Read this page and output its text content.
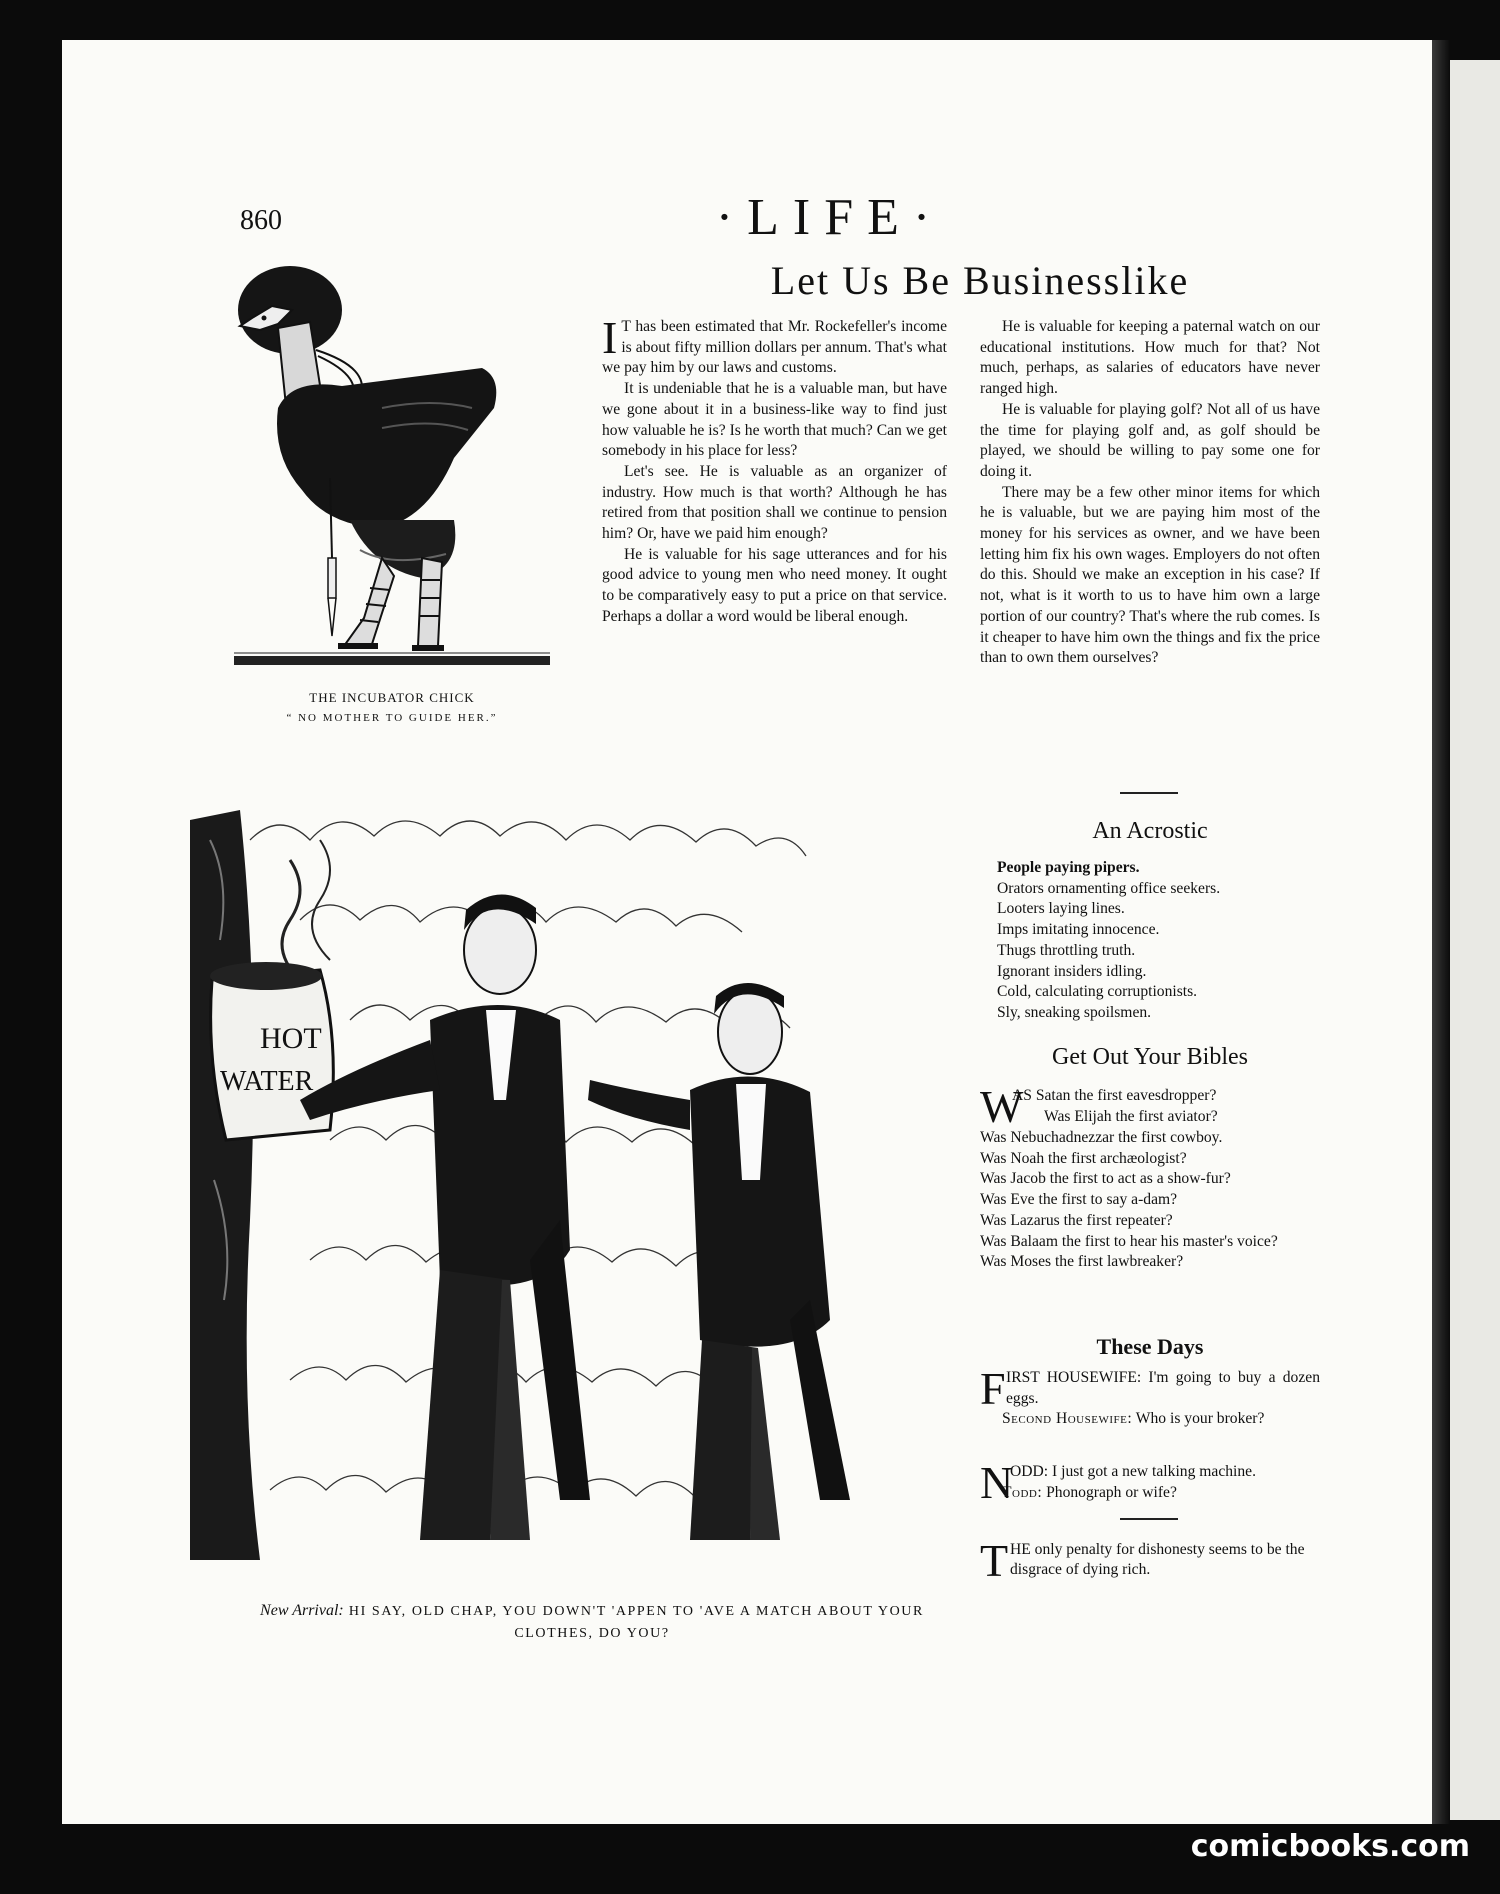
860	·LIFE·
Let Us Be Businesslike
THE INCUBATOR CHICK
“ NO MOTHER TO GUIDE HER.”

I T has been estimated that Mr. Rockefeller's income is about fifty million dollars per annum. That's what we pay him by our laws and customs.

It is undeniable that he is a valuable man, but have we gone about it in a business-like way to find just how valuable he is? Is he worth that much? Can we get somebody in his place for less?

Let's see. He is valuable as an organizer of industry. How much is that worth? Although he has retired from that position shall we continue to pension him? Or, have we paid him enough?

He is valuable for his sage utterances and for his good advice to young men who need money. It ought to be comparatively easy to put a price on that service. Perhaps a dollar a word would be liberal enough.

He is valuable for keeping a paternal watch on our educational institutions. How much for that? Not much, perhaps, as salaries of educators have never ranged high.

He is valuable for playing golf? Not all of us have the time for playing golf and, as golf should be played, we should be willing to pay some one for doing it.

There may be a few other minor items for which he is valuable, but we are paying him most of the money for his services as owner, and we have been letting him fix his own wages. Employers do not often do this. Should we make an exception in his case? If not, what is it worth to us to have him own a large portion of our country? That's where the rub comes. Is it cheaper to have him own the things and fix the price than to own them ourselves?

HOT
WATER
New Arrival: HI SAY, OLD CHAP, YOU DOWN'T 'APPEN TO 'AVE A MATCH ABOUT YOUR CLOTHES, DO YOU?
An Acrostic
People paying pipers.
Orators ornamenting office seekers.
Looters laying lines.
Imps imitating innocence.
Thugs throttling truth.
Ignorant insiders idling.
Cold, calculating corruptionists.
Sly, sneaking spoilsmen.
Get Out Your Bibles
W
AS Satan the first eavesdropper?
Was Elijah the first aviator?
Was Nebuchadnezzar the first cowboy.
Was Noah the first archæologist?
Was Jacob the first to act as a show-fur?
Was Eve the first to say a-dam?
Was Lazarus the first repeater?
Was Balaam the first to hear his master's voice?
Was Moses the first lawbreaker?
These Days
F IRST HOUSEWIFE: I'm going to buy a dozen eggs.
Second Housewife: Who is your broker?
N
ODD: I just got a new talking machine.
Todd: Phonograph or wife?
T HE only penalty for dishonesty seems to be the disgrace of dying rich.
comicbooks.com
